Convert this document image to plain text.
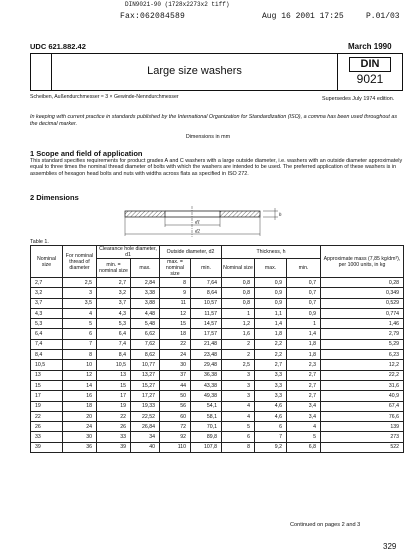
DIN9021-90 (1728x2273x2 tiff)
Fax:062084589	Aug 16 2001 17:25	P.01/03
UDC 621.882.42	March 1990
Large size washers
DIN
9021
Scheiben, Außendurchmesser ≈ 3 × Gewinde-Nenndurchmesser	Supersedes July 1974 edition.
In keeping with current practice in standards published by the International Organization for Standardization (ISO), a comma has been used throughout as the decimal marker.
Dimensions in mm
1 Scope and field of application
This standard specifies requirements for product grades A and C washers with a large outside diameter, i.e. washers with an outside diameter approximately equal to three times the nominal thread diameter of bolts with which the washers are intended to be used. The preferred application of these washers is in assemblies of hexagon head bolts and nuts with widths across flats as specified in ISO 272.
2 Dimensions
h
d1
d2
Table 1.
Nominal size	For nominal thread of diameter	Clearance hole diameter, d1		Outside diameter, d2		Thickness, h			Approximate mass (7,85 kg/dm³), per 1000 units, in kg
		min. = nominal size	max.	max. = nominal size	min.	Nominal size	max.	min.	
2,7	2,5	2,7	2,84	8	7,64	0,8	0,9	0,7	0,28
3,2	3	3,2	3,38	9	8,64	0,8	0,9	0,7	0,349
3,7	3,5	3,7	3,88	11	10,57	0,8	0,9	0,7	0,529
4,3	4	4,3	4,48	12	11,57	1	1,1	0,9	0,774
5,3	5	5,3	5,48	15	14,57	1,2	1,4	1	1,46
6,4	6	6,4	6,62	18	17,57	1,6	1,8	1,4	2,79
7,4	7	7,4	7,62	22	21,48	2	2,2	1,8	5,29
8,4	8	8,4	8,62	24	23,48	2	2,2	1,8	6,23
10,5	10	10,5	10,77	30	29,48	2,5	2,7	2,3	12,2
13	12	13	13,27	37	36,38	3	3,3	2,7	22,2
15	14	15	15,27	44	43,38	3	3,3	2,7	31,6
17	16	17	17,27	50	49,38	3	3,3	2,7	40,9
19	18	19	19,33	56	54,1	4	4,6	3,4	67,4
22	20	22	22,52	60	58,1	4	4,6	3,4	76,6
26	24	26	26,84	72	70,1	5	6	4	139
33	30	33	34	92	89,8	6	7	5	273
39	36	39	40	110	107,8	8	9,2	6,8	522
Continued on pages 2 and 3
329
